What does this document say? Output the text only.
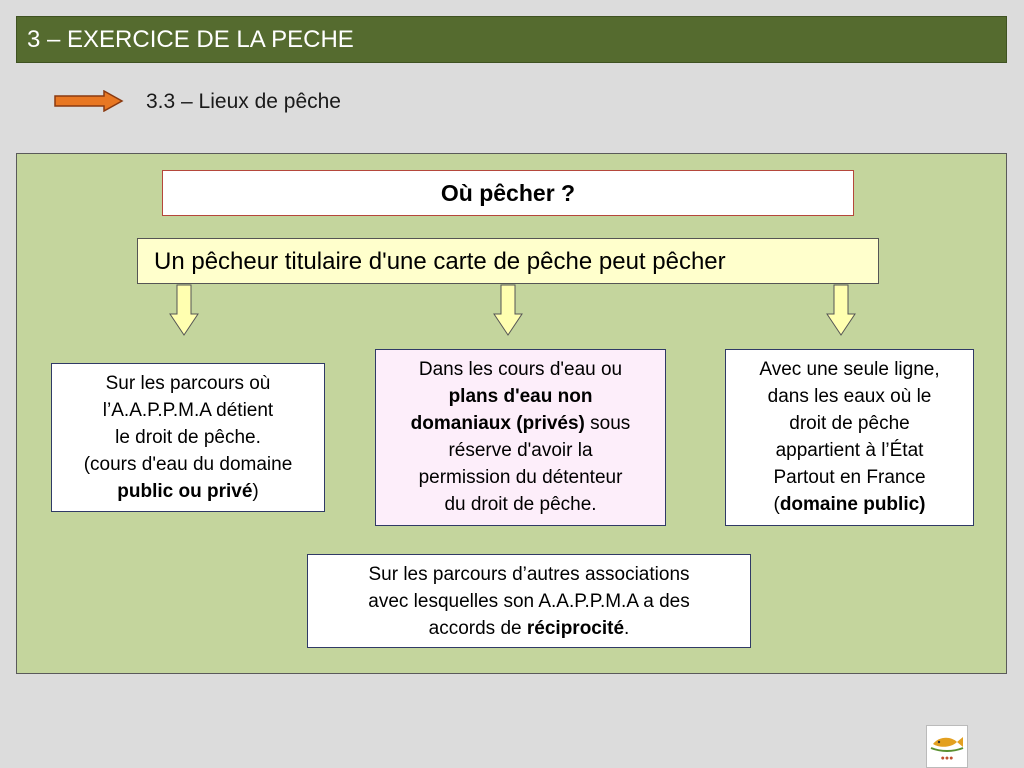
3 – EXERCICE DE LA PECHE
3.3 – Lieux de pêche
Où pêcher ?
Un pêcheur titulaire d'une carte de pêche peut pêcher
Sur les parcours où
l’A.A.P.P.M.A détient
le droit de pêche.
(cours d'eau du domaine
public ou privé)
Dans les cours d'eau ou
plans d'eau non
domaniaux (privés) sous
réserve d'avoir la
permission du détenteur
du droit de pêche.
Avec une seule ligne,
dans les eaux où le
droit de pêche
appartient à l’État
Partout en France
(domaine public)
Sur les parcours d’autres associations
avec lesquelles son A.A.P.P.M.A a des
accords de réciprocité.
●●●
